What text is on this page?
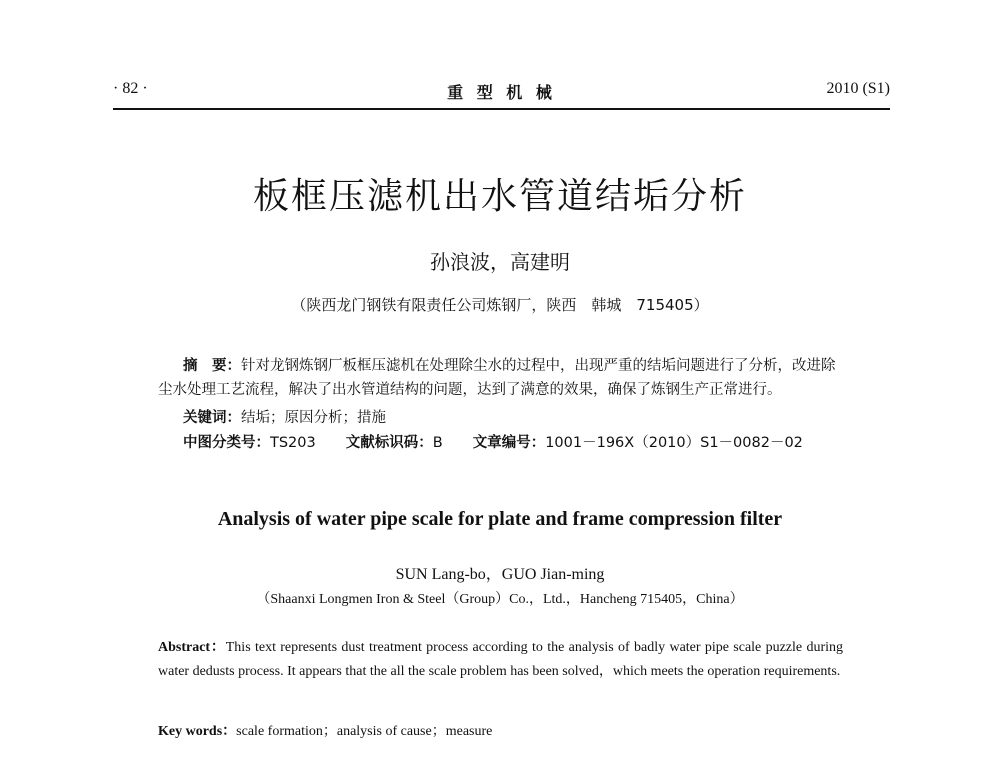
· 82 ·	重 型 机 械	2010 (S1)
板框压滤机出水管道结垢分析
孙浪波，高建明
（陕西龙门钢铁有限责任公司炼钢厂，陕西　韩城　715405）
摘　要：针对龙钢炼钢厂板框压滤机在处理除尘水的过程中，出现严重的结垢问题进行了分析，改进除尘水处理工艺流程，解决了出水管道结构的问题，达到了满意的效果，确保了炼钢生产正常进行。
关键词：结垢；原因分析；措施
中图分类号：TS203 文献标识码：B 文章编号：1001－196X（2010）S1－0082－02
Analysis of water pipe scale for plate and frame compression filter
SUN Lang-bo，GUO Jian-ming
（Shaanxi Longmen Iron & Steel（Group）Co.，Ltd.，Hancheng 715405，China）
Abstract：This text represents dust treatment process according to the analysis of badly water pipe scale puzzle during water dedusts process. It appears that the all the scale problem has been solved，which meets the operation requirements.
Key words：scale formation；analysis of cause；measure
